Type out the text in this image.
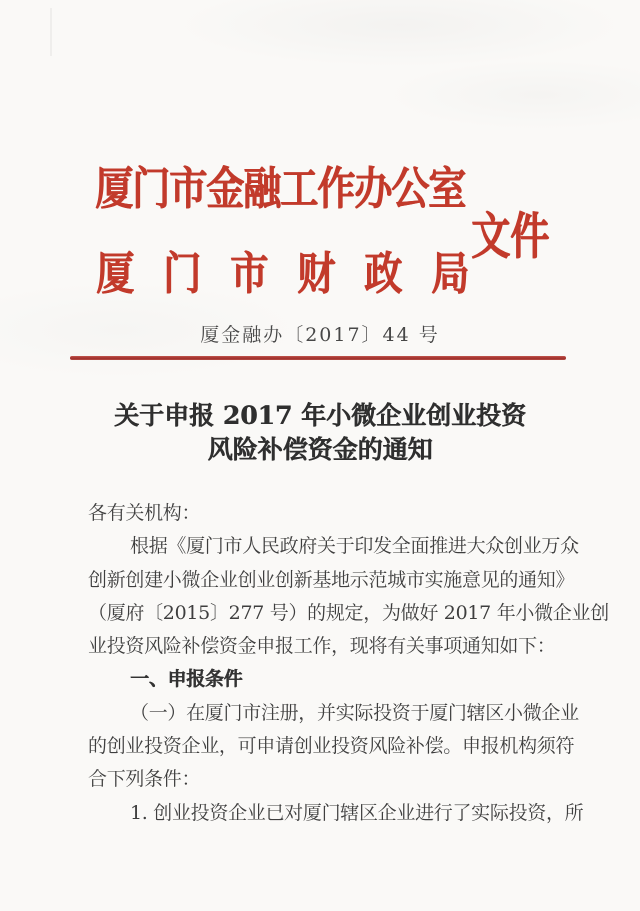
厦门市金融工作办公室
厦门市财政局
文件
厦金融办〔2017〕44 号
关于申报 2017 年小微企业创业投资
风险补偿资金的通知
各有关机构：
根据《厦门市人民政府关于印发全面推进大众创业万众
创新创建小微企业创业创新基地示范城市实施意见的通知》
（厦府〔2015〕277 号）的规定，为做好 2017 年小微企业创
业投资风险补偿资金申报工作，现将有关事项通知如下：
一、申报条件
（一）在厦门市注册，并实际投资于厦门辖区小微企业
的创业投资企业，可申请创业投资风险补偿。申报机构须符
合下列条件：
1. 创业投资企业已对厦门辖区企业进行了实际投资，所
